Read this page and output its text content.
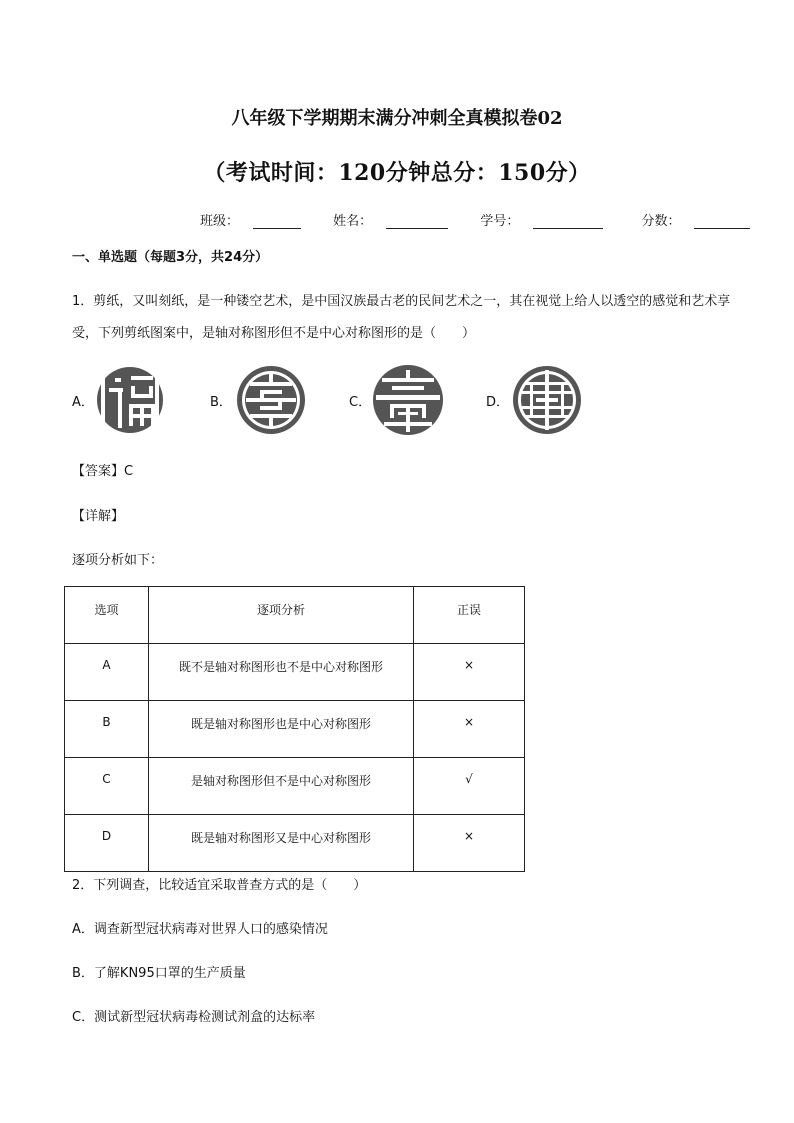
八年级下学期期末满分冲刺全真模拟卷02
（考试时间：120分钟总分：150分）
班级：	姓名：	学号：	分数：
一、单选题（每题3分，共24分）
1．剪纸，又叫刻纸，是一种镂空艺术，是中国汉族最古老的民间艺术之一，其在视觉上给人以透空的感觉和艺术享受，下列剪纸图案中，是轴对称图形但不是中心对称图形的是（　　）
A．	B．	C．	D．
【答案】C
【详解】
逐项分析如下：
选项	逐项分析	正误
A	既不是轴对称图形也不是中心对称图形	×
B	既是轴对称图形也是中心对称图形	×
C	是轴对称图形但不是中心对称图形	√
D	既是轴对称图形又是中心对称图形	×
2．下列调查，比较适宜采取普查方式的是（　　）
A．调查新型冠状病毒对世界人口的感染情况
B．了解KN95口罩的生产质量
C．测试新型冠状病毒检测试剂盒的达标率
